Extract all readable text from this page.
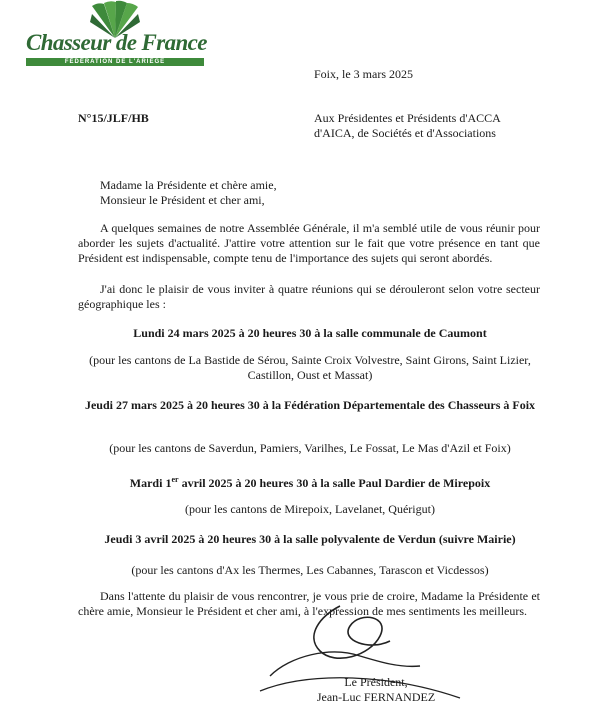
Chasseur de France
FÉDÉRATION DE L'ARIÈGE
Foix, le 3 mars 2025
N°15/JLF/HB	Aux Présidentes et Présidents d'ACCA
d'AICA, de Sociétés et d'Associations
Madame la Présidente et chère amie,
Monsieur le Président et cher ami,
A quelques semaines de notre Assemblée Générale, il m'a semblé utile de vous réunir pour aborder les sujets d'actualité. J'attire votre attention sur le fait que votre présence en tant que Président est indispensable, compte tenu de l'importance des sujets qui seront abordés.
J'ai donc le plaisir de vous inviter à quatre réunions qui se dérouleront selon votre secteur géographique les :
Lundi 24 mars 2025 à 20 heures 30 à la salle communale de Caumont
(pour les cantons de La Bastide de Sérou, Sainte Croix Volvestre, Saint Girons, Saint Lizier, Castillon, Oust et Massat)
Jeudi 27 mars 2025 à 20 heures 30 à la Fédération Départementale des Chasseurs à Foix
(pour les cantons de Saverdun, Pamiers, Varilhes, Le Fossat, Le Mas d'Azil et Foix)
Mardi 1er avril 2025 à 20 heures 30 à la salle Paul Dardier de Mirepoix
(pour les cantons de Mirepoix, Lavelanet, Quérigut)
Jeudi 3 avril 2025 à 20 heures 30 à la salle polyvalente de Verdun (suivre Mairie)
(pour les cantons d'Ax les Thermes, Les Cabannes, Tarascon et Vicdessos)
Dans l'attente du plaisir de vous rencontrer, je vous prie de croire, Madame la Présidente et chère amie, Monsieur le Président et cher ami, à l'expression de mes sentiments les meilleurs.
Le Président,
Jean-Luc FERNANDEZ
